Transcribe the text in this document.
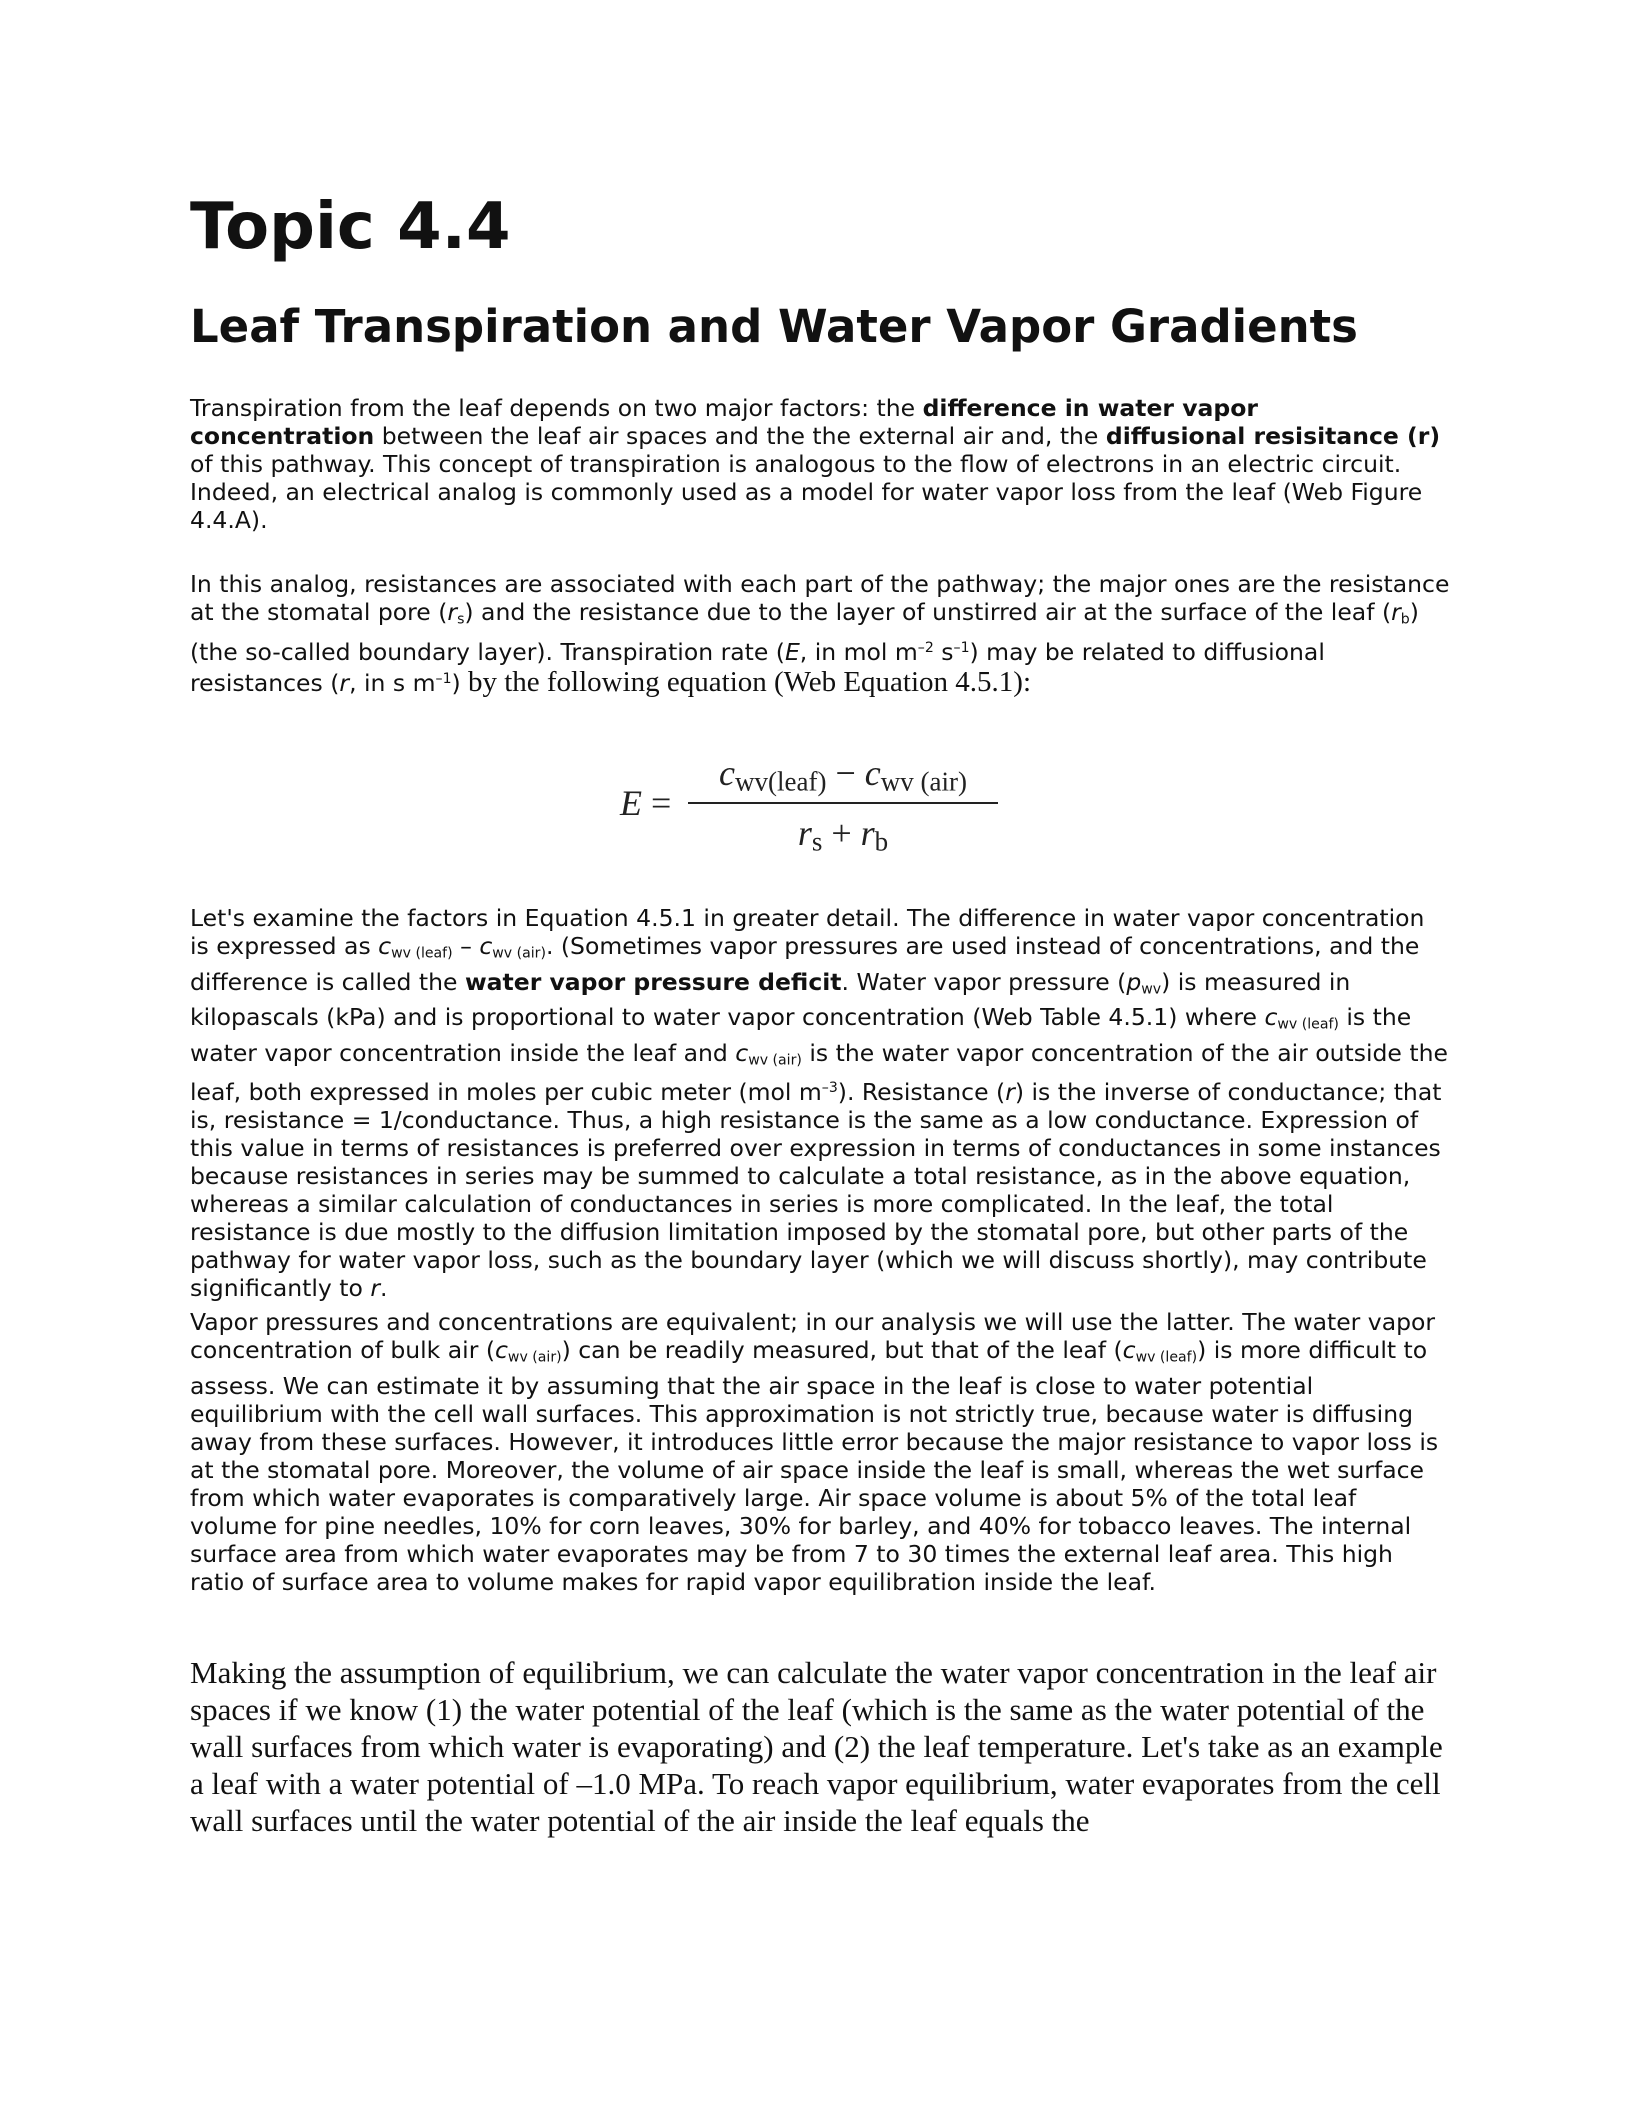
Topic 4.4
Leaf Transpiration and Water Vapor Gradients

Transpiration from the leaf depends on two major factors: the difference in water vapor concentration between the leaf air spaces and the the external air and, the diffusional resisitance (r) of this pathway. This concept of transpiration is analogous to the flow of electrons in an electric circuit. Indeed, an electrical analog is commonly used as a model for water vapor loss from the leaf (Web Figure 4.4.A).

In this analog, resistances are associated with each part of the pathway; the major ones are the resistance at the stomatal pore $(r_s)$ and the resistance due to the layer of unstirred air at the surface of the leaf $(r_b)$ (the so-called boundary layer). Transpiration rate (E, in mol $m^{-2}$ $s^{-1}$) may be related to diffusional resistances (r, in s $m^{-1}$) by the following equation (Web Equation 4.5.1):

E =
cwv(leaf) − cwv (air)
rs + rb

Let's examine the factors in Equation 4.5.1 in greater detail. The difference in water vapor concentration is expressed as $c_{wv (leaf)} - c_{wv (air)}$. (Sometimes vapor pressures are used instead of concentrations, and the difference is called the water vapor pressure deficit. Water vapor pressure $(p_{wv})$ is measured in kilopascals (kPa) and is proportional to water vapor concentration (Web Table 4.5.1) where $c_{wv (leaf)}$ is the water vapor concentration inside the leaf and $c_{wv (air)}$ is the water vapor concentration of the air outside the leaf, both expressed in moles per cubic meter (mol $m^{-3}$). Resistance (r) is the inverse of conductance; that is, resistance = 1/conductance. Thus, a high resistance is the same as a low conductance. Expression of this value in terms of resistances is preferred over expression in terms of conductances in some instances because resistances in series may be summed to calculate a total resistance, as in the above equation, whereas a similar calculation of conductances in series is more complicated. In the leaf, the total resistance is due mostly to the diffusion limitation imposed by the stomatal pore, but other parts of the pathway for water vapor loss, such as the boundary layer (which we will discuss shortly), may contribute significantly to r.

Vapor pressures and concentrations are equivalent; in our analysis we will use the latter. The water vapor concentration of bulk air $(c_{wv (air)})$ can be readily measured, but that of the leaf $(c_{wv (leaf)})$ is more difficult to assess. We can estimate it by assuming that the air space in the leaf is close to water potential equilibrium with the cell wall surfaces. This approximation is not strictly true, because water is diffusing away from these surfaces. However, it introduces little error because the major resistance to vapor loss is at the stomatal pore. Moreover, the volume of air space inside the leaf is small, whereas the wet surface from which water evaporates is comparatively large. Air space volume is about 5% of the total leaf volume for pine needles, 10% for corn leaves, 30% for barley, and 40% for tobacco leaves. The internal surface area from which water evaporates may be from 7 to 30 times the external leaf area. This high ratio of surface area to volume makes for rapid vapor equilibration inside the leaf.

Making the assumption of equilibrium, we can calculate the water vapor concentration in the leaf air spaces if we know (1) the water potential of the leaf (which is the same as the water potential of the wall surfaces from which water is evaporating) and (2) the leaf temperature. Let's take as an example a leaf with a water potential of –1.0 MPa. To reach vapor equilibrium, water evaporates from the cell wall surfaces until the water potential of the air inside the leaf equals the
